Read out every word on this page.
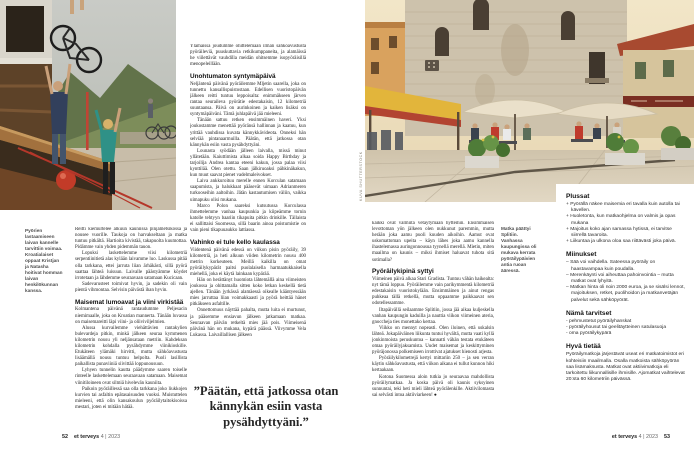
KUVA SHUTTERSTOCK
Pyörien lastaamiseen laivan kannelle tarvittiin voimaa. Kroatialaiset oppaat Kristjan ja Natasha hoitivat homman laivan henkilökunnan kanssa.
Reitti kiemurtelee alkuun kauniissa pinjametsikössä ja nousee vuorille. Taukoja on harvakseltaan ja matka tuntuu pitkältä. Hartioita kivistää, takapuolta kuumottaa. Pidämme vain yhden pidemmän tauon.
Lopuksi laskettelemme viisi kilometriä serpentiinitietä alas kylään laivamme luo. Laskussa pitää olla tarkkana, ettei jarruta liian ärhäkästi, sillä pyörä saattaa lähteä luisuun. Laivalle päästyämme köydet irrotetaan ja lähdemme seuraavaan satamaan Kucicaan.
Sadevarusteet toimivat hyvin, ja sadekin oli vain pientä vihmontaa. Selvisin päivästä ihan hyvin.
Maisemat lumoavat ja viini virkistää
Kolmantena päivänä rantaudumme Peljesacin niemimaalle, joka on Kroatian mannerta. Tänään luvassa on maisemareitti läpi viini- ja oliiviviljelmien.
Alussa kurvailemme viehättävien rantakylien bulevardeja pitkin, minkä jälkeen seuraa kymmenen kilometrin nousu yli neljänsataan metriin. Kahdeksan kilometrin kohdalla pysähdymme viinikioskille. Etukäteen ylämäki hirvitti, mutta sähköavustusta lisäämällä nousu tuntuu helpolta. Puoli lasillista paikallista punaviiniä siivittää loppunousuun.
Lyhyen tunnelin kautta päädymme saaren toiselle rinteelle laskettelemaan seuraavaan satamaan. Maisemat viinitiloineen ovat silmiä hivelevän kauniita.
Paikoin pyöräillessä saa olla tarkkana joko liukkojen kurvien tai asfaltin epätasaisuuden vuoksi. Muistuttelen mieleeni, että olin kansakoulun pyöräilytaitokisoissa mestari, joten ei mitään hätää.
Ylämäissä joudumme ohittelemaan ilman sähköavustusta pyöräileviä, puuskuttavia retkikumppaneita, ja alamäissä he viilettävät vauhdilla meidän ohitsemme isopyöräisillä menopeleillään.
Unohtumaton syntymäpäivä
Neljäntenä päivänä pyöräilemme Mljetin saarella, joka on tunnettu kansallispuistostaan. Edellisen vuoristopäivän jälkeen reitti tuntuu leppoisalta: enimmäkseen järven rantaa seuraileva pyörätie edestakaisin, 12 kilometriä suuntaansa. Päivä on aurinkoinen ja kaiken lisäksi on syntymäpäiväni. Tämä juhlapäivä jää mieleeni.
Tänään sattuu retken ensimmäinen haveri. Yksi joukostamme menettää pyöränsä hallinnan ja kaatuu, kun yrittää vauhdissa kuvata kännykkävideota. Onneksi hän selviää pintanaarmuilla. Päätän, että jatkossa otan kännykän esiin vasta pysähdyttyäni.
Lounasta syödään jälleen laivalla, missä minut yllätetään. Kaiuttimista alkaa soida Happy Birthday ja tarjoilija Andrea kantaa eteeni kakun, jossa palaa viisi kynttilää. Olen otettu. Saan jälkiruoaksi pähkinäkakun, kun muut saavat pienet vadelmaleivokset.
Laiva ankkuroituu merelle ennen Korculan satamaan saapumista, ja halukkaat pääsevät uimaan Adrianmeren turkooseihin aaltoihin. Jätän kastautumisen väliin, vaikka uimapuku olisi mukana.
Marco Polon saareksi kutsutussa Korculassa ihmettelemme vanhaa kaupunkia ja kiipeämme tornin katolle tehtyyn baariin tikapuita pitkin drinkille. Tällaista ei sallittaisi Suomessa, sillä baarin ainoa poistumistie on vain pieni tikapuuaukko lattiassa.
Vahinko ei tule kello kaulassa
Viidentenä päivänä edessä on viikon pisin pyöräily, 39 kilometriä, ja heti alkuun viiden kilometrin nousu 400 metrin korkeuteen. Meillä kaikilla on omat pyöräilykypärät paitsi puolalaisella harmaatukkaisella miehellä, joka ei käytä lainkaan kypärää.
Hän on herättänyt huomiota lähtemällä aina viimeisten joukossa ja ohittamalla sitten koko letkan keskellä tietä ajellen. Tänään jyrkässä alamäessä oikealle kääntyessään mies jarruttaa liian voimakkaasti ja pyörä heittää hänet pitkäkseen asfaltille.
Onnettomuus näyttää pahalta, mutta luita ei murtunut, ja pääsemme ensiavun jälkeen jatkamaan matkaa. Seuraavan päivän retkeltä mies jää pois. Viimeisenä päivänä hän on mukana, kypärä päässä. Viivymme Vela Lukassa. Laivaillallisen jälkeen
”Päätän, että jatkossa otan kännykän esiin vasta pysähdyttyäni.”
kaikki ovat valmiita vetäytymään hytteihin. Ensimmäisen levottoman yön jälkeen olen nukkunut paremmin, mutta herään joka aamu puoli kuuden aikoihin. Aamut ovat uskomattoman upeita – käyn lähes joka aamu kannella ihastelemassa auringonnousua tyynellä merellä. Mietin, miten maailma on kaunis – miksi ihmiset haluavat tuhota sitä sotimalla?
Pyöräilykipinä syttyi
Viimeinen päivä alkaa Stari Gradista. Tuntuu vähän haikealta: nyt tämä loppuu. Pyöräilemme vain parikymmentä kilometriä edestakaisin vuoristokylään. Ensimmäinen ja ainut rengas puhkeaa tällä retkellä, mutta oppaamme paikkaavat sen odotellessamme.
Iltapäivällä seilaamme Splitiin, jossa jää aikaa kuljeskella vanhan kaupungin kaduilla ja nauttia viikon viimeinen ateria, gnoccheja ties monettako kertaa.
Viikko on mennyt nopeasti. Olen iloinen, että uskalsin lähteä. Jokapäiväinen liikunta tuntui hyvältä, mutta vaati kyllä jonkinmoista peruskuntoa – kannatti vähän testata etukäteen omaa pyöräilyjaksamista. Uudet maisemat ja keskittyminen pyöräjonossa polkemiseen irrottivat ajatukset hienosti arjesta.
Pyöräilykilometrejä kertyi mittariin 250 – ja sen verran käytin sähköavustusta, että viikon aikana ei tullut kunnon hiki kertaakaan.
Kotona Suomessa aloin tutkia jo seuraavaa mahdollista pyöräilymatkaa. Ja koska päivä oli kaunis syksyinen sunnuntai, teki heti mieli lähteä pyörälenkille. Aktiivilomasta sai selvästi intoa aktiiviarkeen! ●
Matka päättyi Splitiin. Vanhassa kaupungissa oli mukava kerrata pyöräilypäivien antia ruoan ääressä.
Plussat
+ Pyörällä näkee maisemia eri tavalla kuin autolla tai kävellen.
+ Huoletonta, kun matkaohjelma on valmis ja opas mukana
+ Majoitus koko ajan samassa hytissä, ei tarvitse siirrellä tavaroita.
+ Liikuntaa ja ulkona oloa saa riittävästi joka päivä.
Miinukset
– Sää voi vaihdella. Sateessa pyöräily on haastavampaa kuin poudalla.
– Merenkäynti voi aiheuttaa pahoinvointia – mutta matkat ovat lyhyitä.
– Matkan hinta oli noin 2000 euroa, ja se sisälsi lennot, majoituksen, retket, puolihoidon ja matkanvetäjän palvelut sekä sähköpyörät.
Nämä tarvitset
- pehmustetut pyöräilyhanskat
- pyöräilyhousut tai geelitäytteinen satulasuoja
- oma pyöräilykypärä
Hyvä tietää
Pyöräilymatkoja järjestävät useat eri matkatoimistot eri kohteisiin maailmalla. Osalla matkoista sähköpyörän saa lisämaksusta. Matkat ovat aktiivimatkoja eli tarkoitettu liikunnallisille ihmisille. Ajomatkat vaihtelevat 20:sta 60 kilometriin päivässä.
52 et terveys 4 | 2023	et terveys 4 | 2023 53
